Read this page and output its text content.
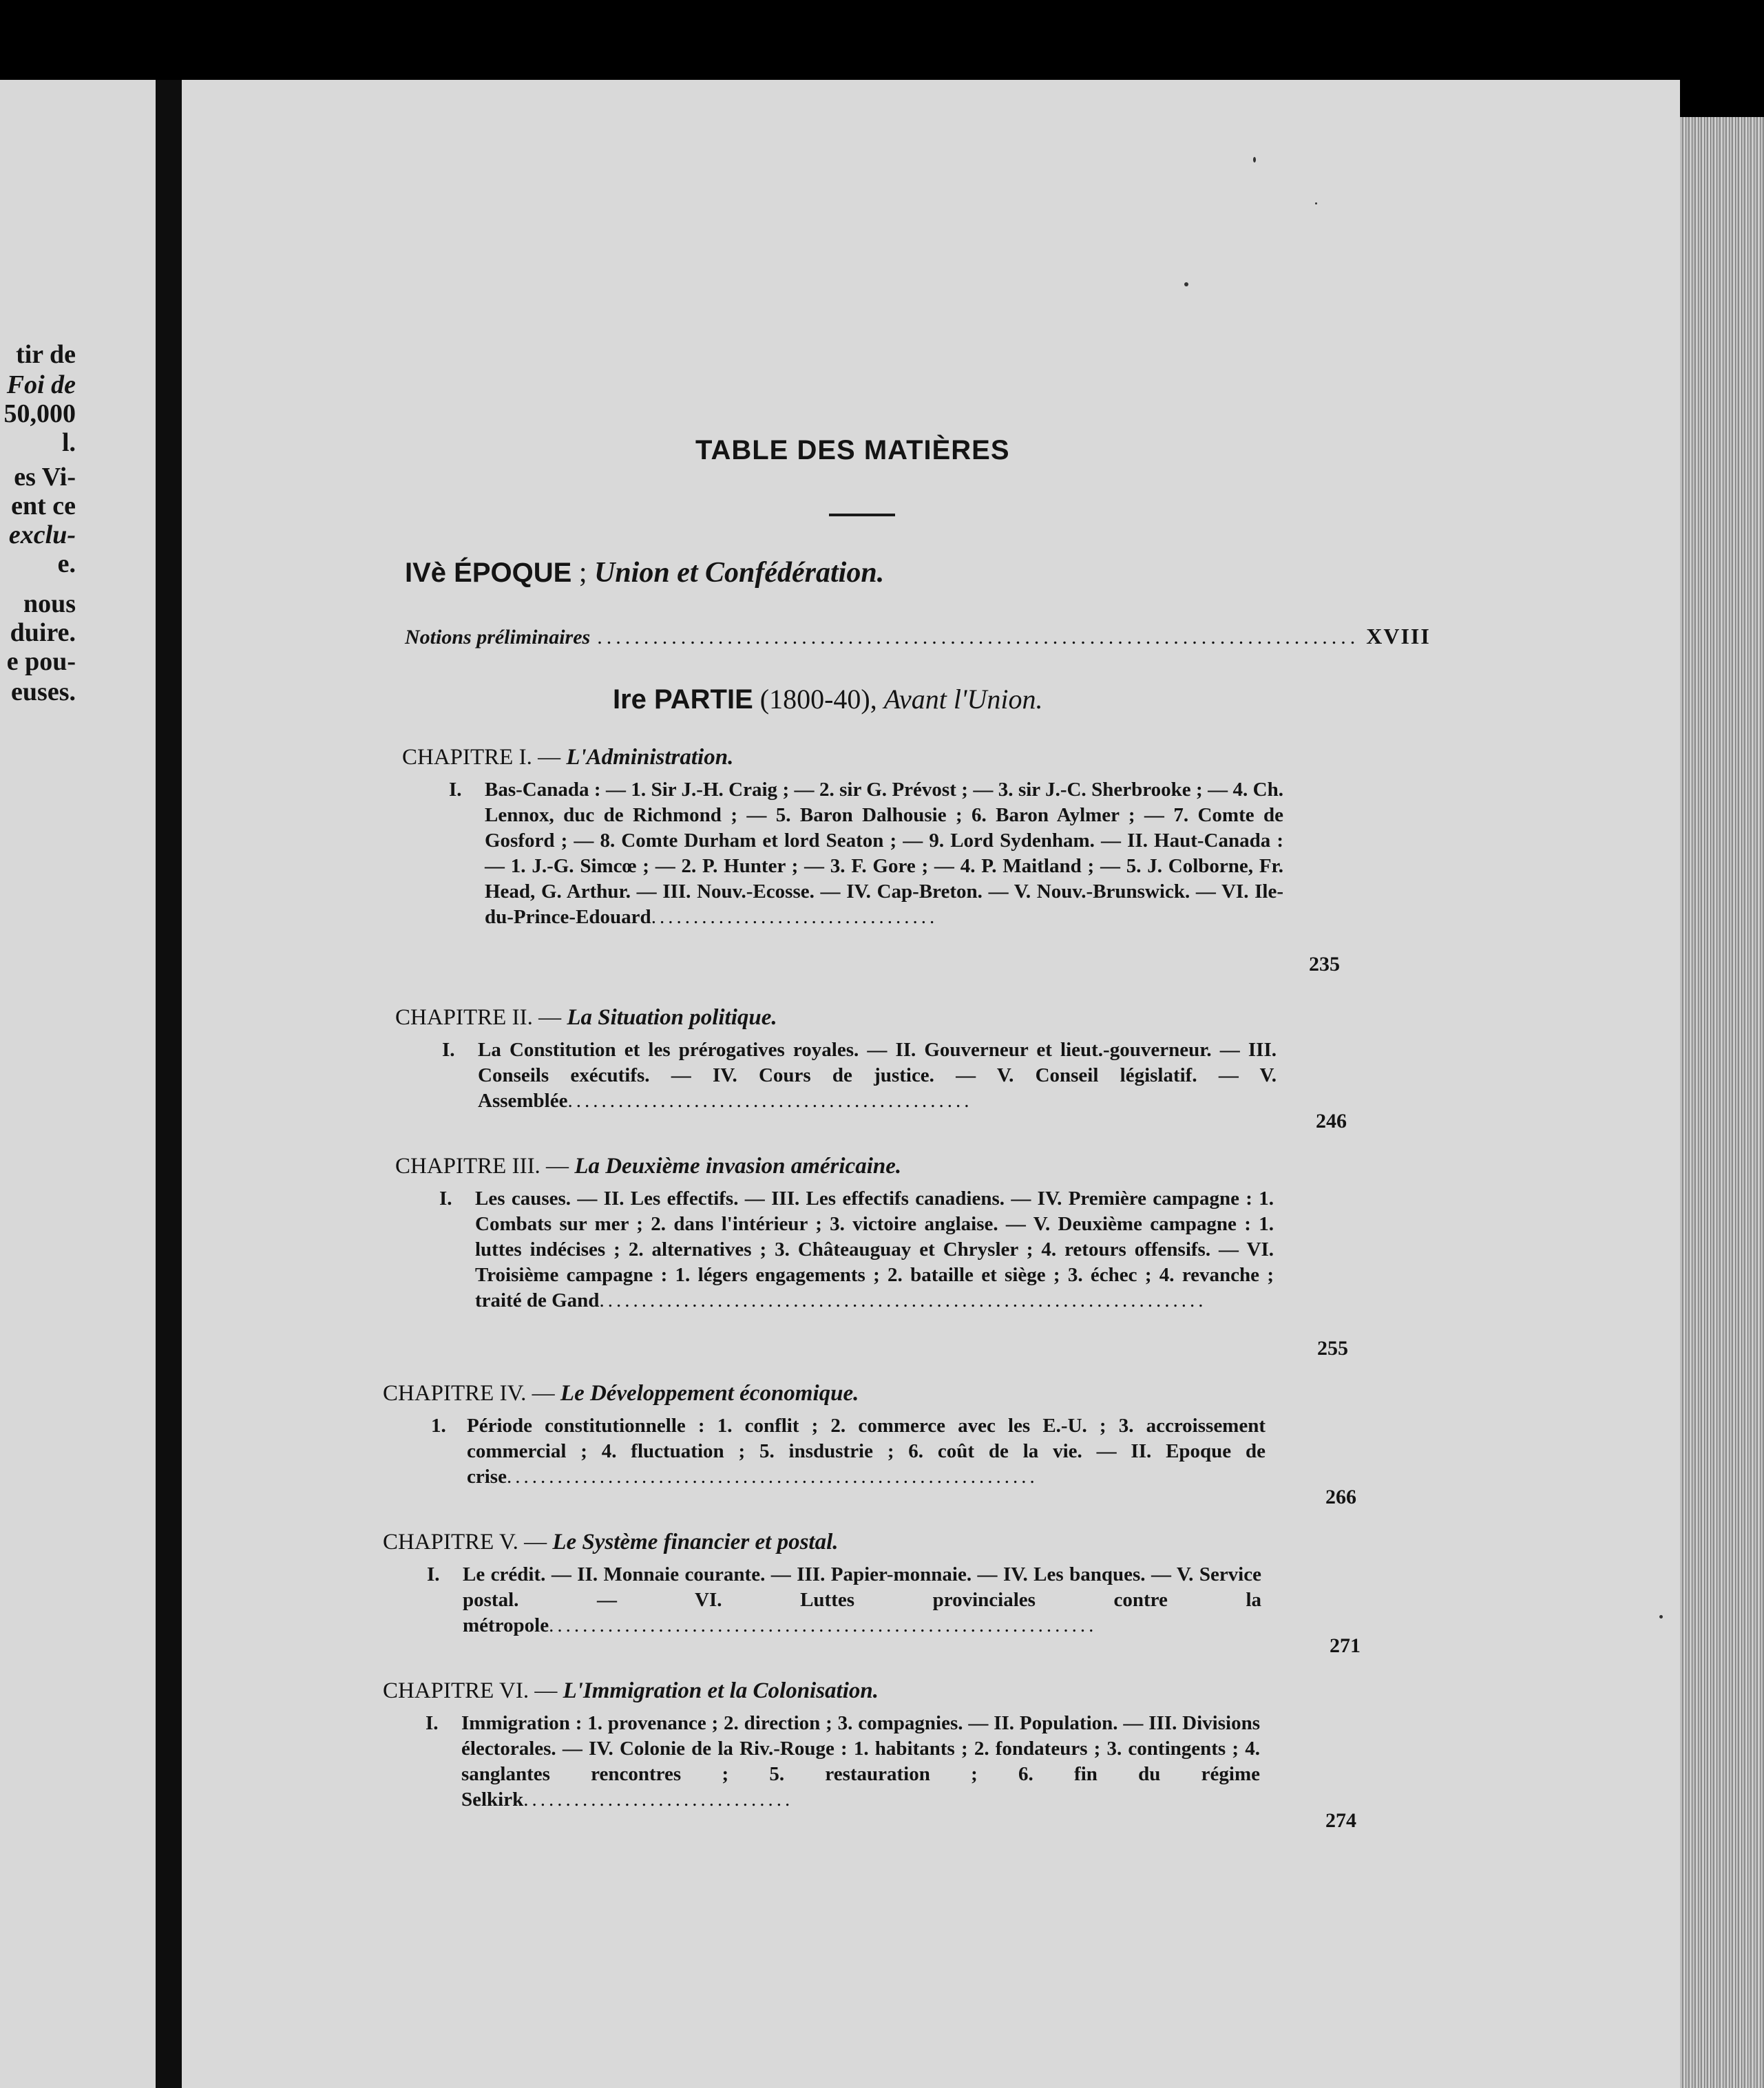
tir de
Foi de
50,000
l.
es Vi-
ent ce
exclu-
e.
nous
duire.
e pou-
euses.
TABLE DES MATIÈRES
IVè ÉPOQUE ; Union et Confédération.
Notions préliminaires .................................................................................. XVIII
Ire PARTIE (1800-40), Avant l'Union.
CHAPITRE I. — L'Administration.
I.	Bas-Canada : — 1. Sir J.-H. Craig ; — 2. sir G. Prévost ; — 3. sir J.-C. Sherbrooke ; — 4. Ch. Lennox, duc de Richmond ; — 5. Baron Dalhousie ; 6. Baron Aylmer ; — 7. Comte de Gosford ; — 8. Comte Durham et lord Seaton ; — 9. Lord Sydenham. — II. Haut-Canada : — 1. J.-G. Simcœ ; — 2. P. Hunter ; — 3. F. Gore ; — 4. P. Maitland ; — 5. J. Colborne, Fr. Head, G. Arthur. — III. Nouv.-Ecosse. — IV. Cap-Breton. — V. Nouv.-Brunswick. — VI. Ile-du-Prince-Edouard..................................
235
CHAPITRE II. — La Situation politique.
I.	La Constitution et les prérogatives royales. — II. Gouverneur et lieut.-gouverneur. — III. Conseils exécutifs. — IV. Cours de justice. — V. Conseil législatif. — V. Assemblée................................................
246
CHAPITRE III. — La Deuxième invasion américaine.
I.	Les causes. — II. Les effectifs. — III. Les effectifs canadiens. — IV. Première campagne : 1. Combats sur mer ; 2. dans l'intérieur ; 3. victoire anglaise. — V. Deuxième campagne : 1. luttes indécises ; 2. alternatives ; 3. Châteauguay et Chrysler ; 4. retours offensifs. — VI. Troisième campagne : 1. légers engagements ; 2. bataille et siège ; 3. échec ; 4. revanche ; traité de Gand........................................................................
255
CHAPITRE IV. — Le Développement économique.
1.	Période constitutionnelle : 1. conflit ; 2. commerce avec les E.-U. ; 3. accroissement commercial ; 4. fluctuation ; 5. insdustrie ; 6. coût de la vie. — II. Epoque de crise...............................................................
266
CHAPITRE V. — Le Système financier et postal.
I.	Le crédit. — II. Monnaie courante. — III. Papier-monnaie. — IV. Les banques. — V. Service postal. — VI. Luttes provinciales contre la métropole.................................................................
271
CHAPITRE VI. — L'Immigration et la Colonisation.
I.	Immigration : 1. provenance ; 2. direction ; 3. compagnies. — II. Population. — III. Divisions électorales. — IV. Colonie de la Riv.-Rouge : 1. habitants ; 2. fondateurs ; 3. contingents ; 4. sanglantes rencontres ; 5. restauration ; 6. fin du régime Selkirk................................
274
